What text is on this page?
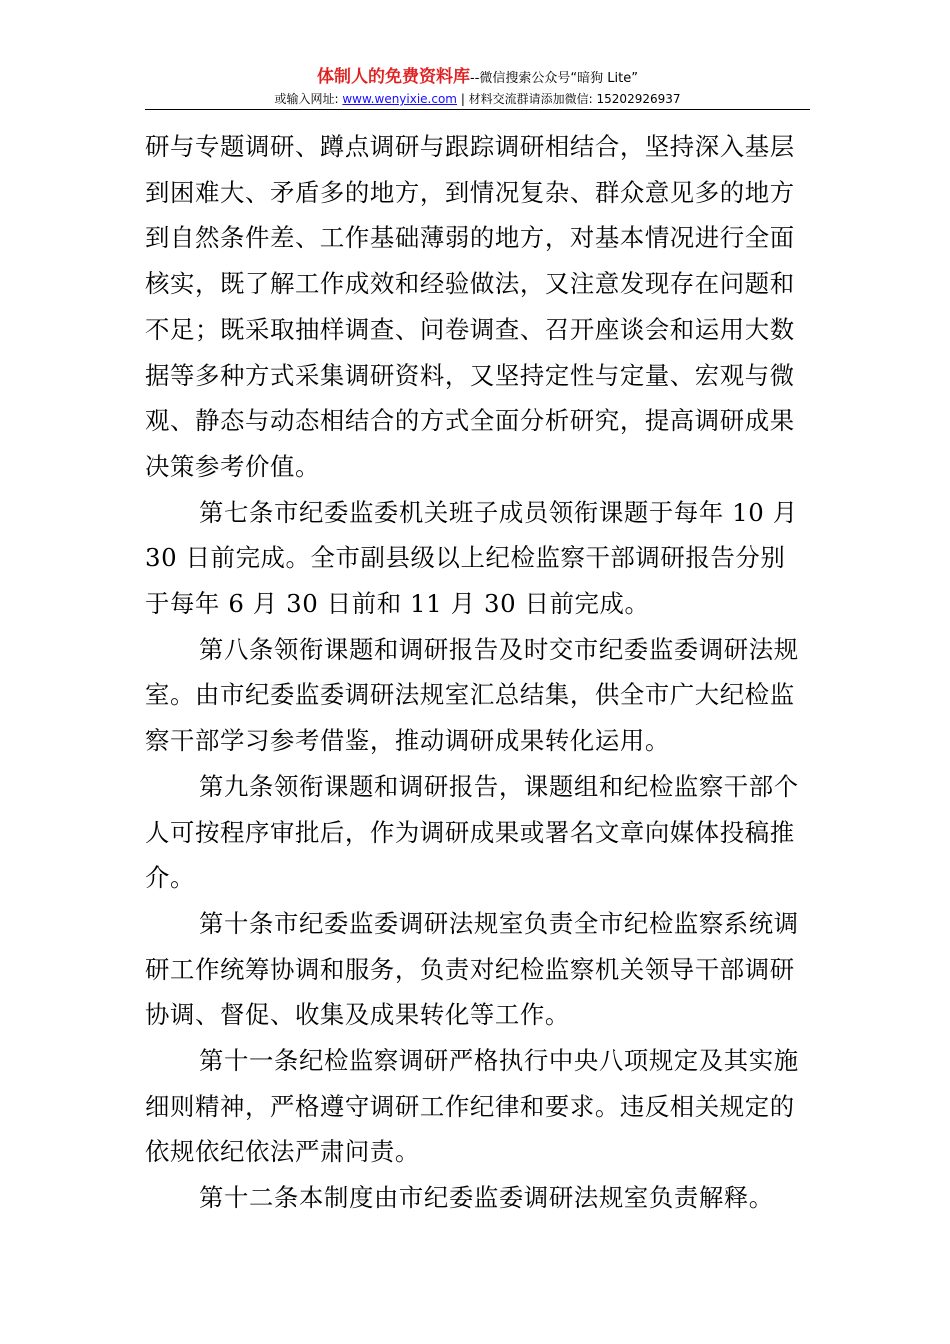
体制人的免费资料库--微信搜索公众号“暗狗 Lite”
或输入网址: www.wenyixie.com | 材料交流群请添加微信: 15202926937

研与专题调研、蹲点调研与跟踪调研相结合，坚持深入基层

到困难大、矛盾多的地方，到情况复杂、群众意见多的地方

到自然条件差、工作基础薄弱的地方，对基本情况进行全面

核实，既了解工作成效和经验做法，又注意发现存在问题和

不足；既采取抽样调查、问卷调查、召开座谈会和运用大数

据等多种方式采集调研资料，又坚持定性与定量、宏观与微

观、静态与动态相结合的方式全面分析研究，提高调研成果

决策参考价值。

第七条市纪委监委机关班子成员领衔课题于每年 10 月

30 日前完成。全市副县级以上纪检监察干部调研报告分别

于每年 6 月 30 日前和 11 月 30 日前完成。

第八条领衔课题和调研报告及时交市纪委监委调研法规

室。由市纪委监委调研法规室汇总结集，供全市广大纪检监

察干部学习参考借鉴，推动调研成果转化运用。

第九条领衔课题和调研报告，课题组和纪检监察干部个

人可按程序审批后，作为调研成果或署名文章向媒体投稿推

介。

第十条市纪委监委调研法规室负责全市纪检监察系统调

研工作统筹协调和服务，负责对纪检监察机关领导干部调研

协调、督促、收集及成果转化等工作。

第十一条纪检监察调研严格执行中央八项规定及其实施

细则精神，严格遵守调研工作纪律和要求。违反相关规定的

依规依纪依法严肃问责。

第十二条本制度由市纪委监委调研法规室负责解释。
